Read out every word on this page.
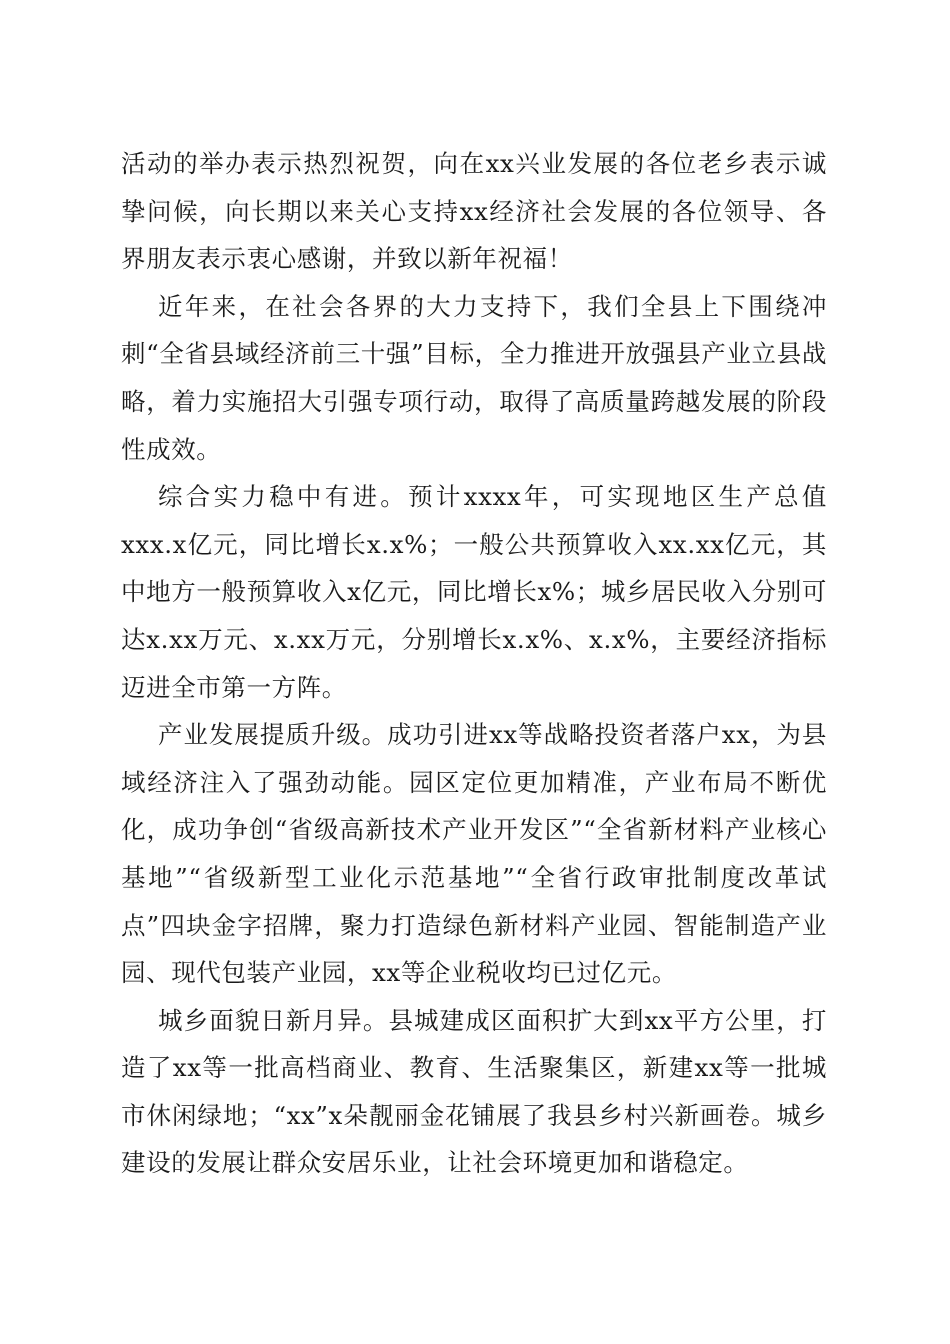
活动的举办表示热烈祝贺，向在xx兴业发展的各位老乡表示诚挚问候，向长期以来关心支持xx经济社会发展的各位领导、各界朋友表示衷心感谢，并致以新年祝福！

近年来，在社会各界的大力支持下，我们全县上下围绕冲刺“全省县域经济前三十强”目标，全力推进开放强县产业立县战略，着力实施招大引强专项行动，取得了高质量跨越发展的阶段性成效。

综合实力稳中有进。预计xxxx年，可实现地区生产总值xxx.x亿元，同比增长x.x%；一般公共预算收入xx.xx亿元，其中地方一般预算收入x亿元，同比增长x%；城乡居民收入分别可达x.xx万元、x.xx万元，分别增长x.x%、x.x%，主要经济指标迈进全市第一方阵。

产业发展提质升级。成功引进xx等战略投资者落户xx，为县域经济注入了强劲动能。园区定位更加精准，产业布局不断优化，成功争创“省级高新技术产业开发区”“全省新材料产业核心基地”“省级新型工业化示范基地”“全省行政审批制度改革试点”四块金字招牌，聚力打造绿色新材料产业园、智能制造产业园、现代包装产业园，xx等企业税收均已过亿元。

城乡面貌日新月异。县城建成区面积扩大到xx平方公里，打造了xx等一批高档商业、教育、生活聚集区，新建xx等一批城市休闲绿地；“xx”x朵靓丽金花铺展了我县乡村兴新画卷。城乡建设的发展让群众安居乐业，让社会环境更加和谐稳定。
